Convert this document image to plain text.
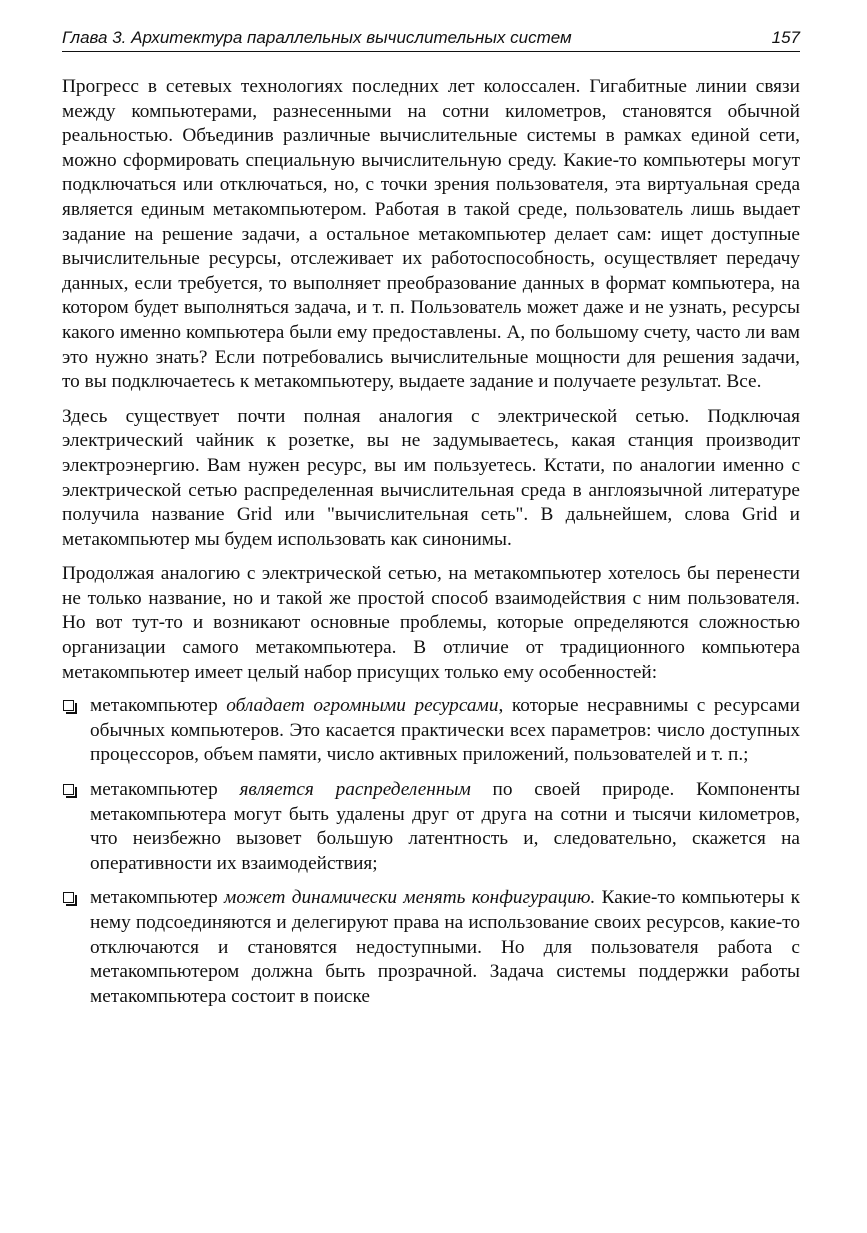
Глава 3. Архитектура параллельных вычислительных систем	157

Прогресс в сетевых технологиях последних лет колоссален. Гигабитные линии связи между компьютерами, разнесенными на сотни километров, становятся обычной реальностью. Объединив различные вычислительные системы в рамках единой сети, можно сформировать специальную вычислительную среду. Какие-то компьютеры могут подключаться или отключаться, но, с точки зрения пользователя, эта виртуальная среда является единым метакомпьютером. Работая в такой среде, пользователь лишь выдает задание на решение задачи, а остальное метакомпьютер делает сам: ищет доступные вычислительные ресурсы, отслеживает их работоспособность, осуществляет передачу данных, если требуется, то выполняет преобразование данных в формат компьютера, на котором будет выполняться задача, и т. п. Пользователь может даже и не узнать, ресурсы какого именно компьютера были ему предоставлены. А, по большому счету, часто ли вам это нужно знать? Если потребовались вычислительные мощности для решения задачи, то вы подключаетесь к метакомпьютеру, выдаете задание и получаете результат. Все.

Здесь существует почти полная аналогия с электрической сетью. Подключая электрический чайник к розетке, вы не задумываетесь, какая станция производит электроэнергию. Вам нужен ресурс, вы им пользуетесь. Кстати, по аналогии именно с электрической сетью распределенная вычислительная среда в англоязычной литературе получила название Grid или "вычислительная сеть". В дальнейшем, слова Grid и метакомпьютер мы будем использовать как синонимы.

Продолжая аналогию с электрической сетью, на метакомпьютер хотелось бы перенести не только название, но и такой же простой способ взаимодействия с ним пользователя. Но вот тут-то и возникают основные проблемы, которые определяются сложностью организации самого метакомпьютера. В отличие от традиционного компьютера метакомпьютер имеет целый набор присущих только ему особенностей:

метакомпьютер обладает огромными ресурсами, которые несравнимы с ресурсами обычных компьютеров. Это касается практически всех параметров: число доступных процессоров, объем памяти, число активных приложений, пользователей и т. п.;
метакомпьютер является распределенным по своей природе. Компоненты метакомпьютера могут быть удалены друг от друга на сотни и тысячи километров, что неизбежно вызовет большую латентность и, следовательно, скажется на оперативности их взаимодействия;
метакомпьютер может динамически менять конфигурацию. Какие-то компьютеры к нему подсоединяются и делегируют права на использование своих ресурсов, какие-то отключаются и становятся недоступными. Но для пользователя работа с метакомпьютером должна быть прозрачной. Задача системы поддержки работы метакомпьютера состоит в поиске
